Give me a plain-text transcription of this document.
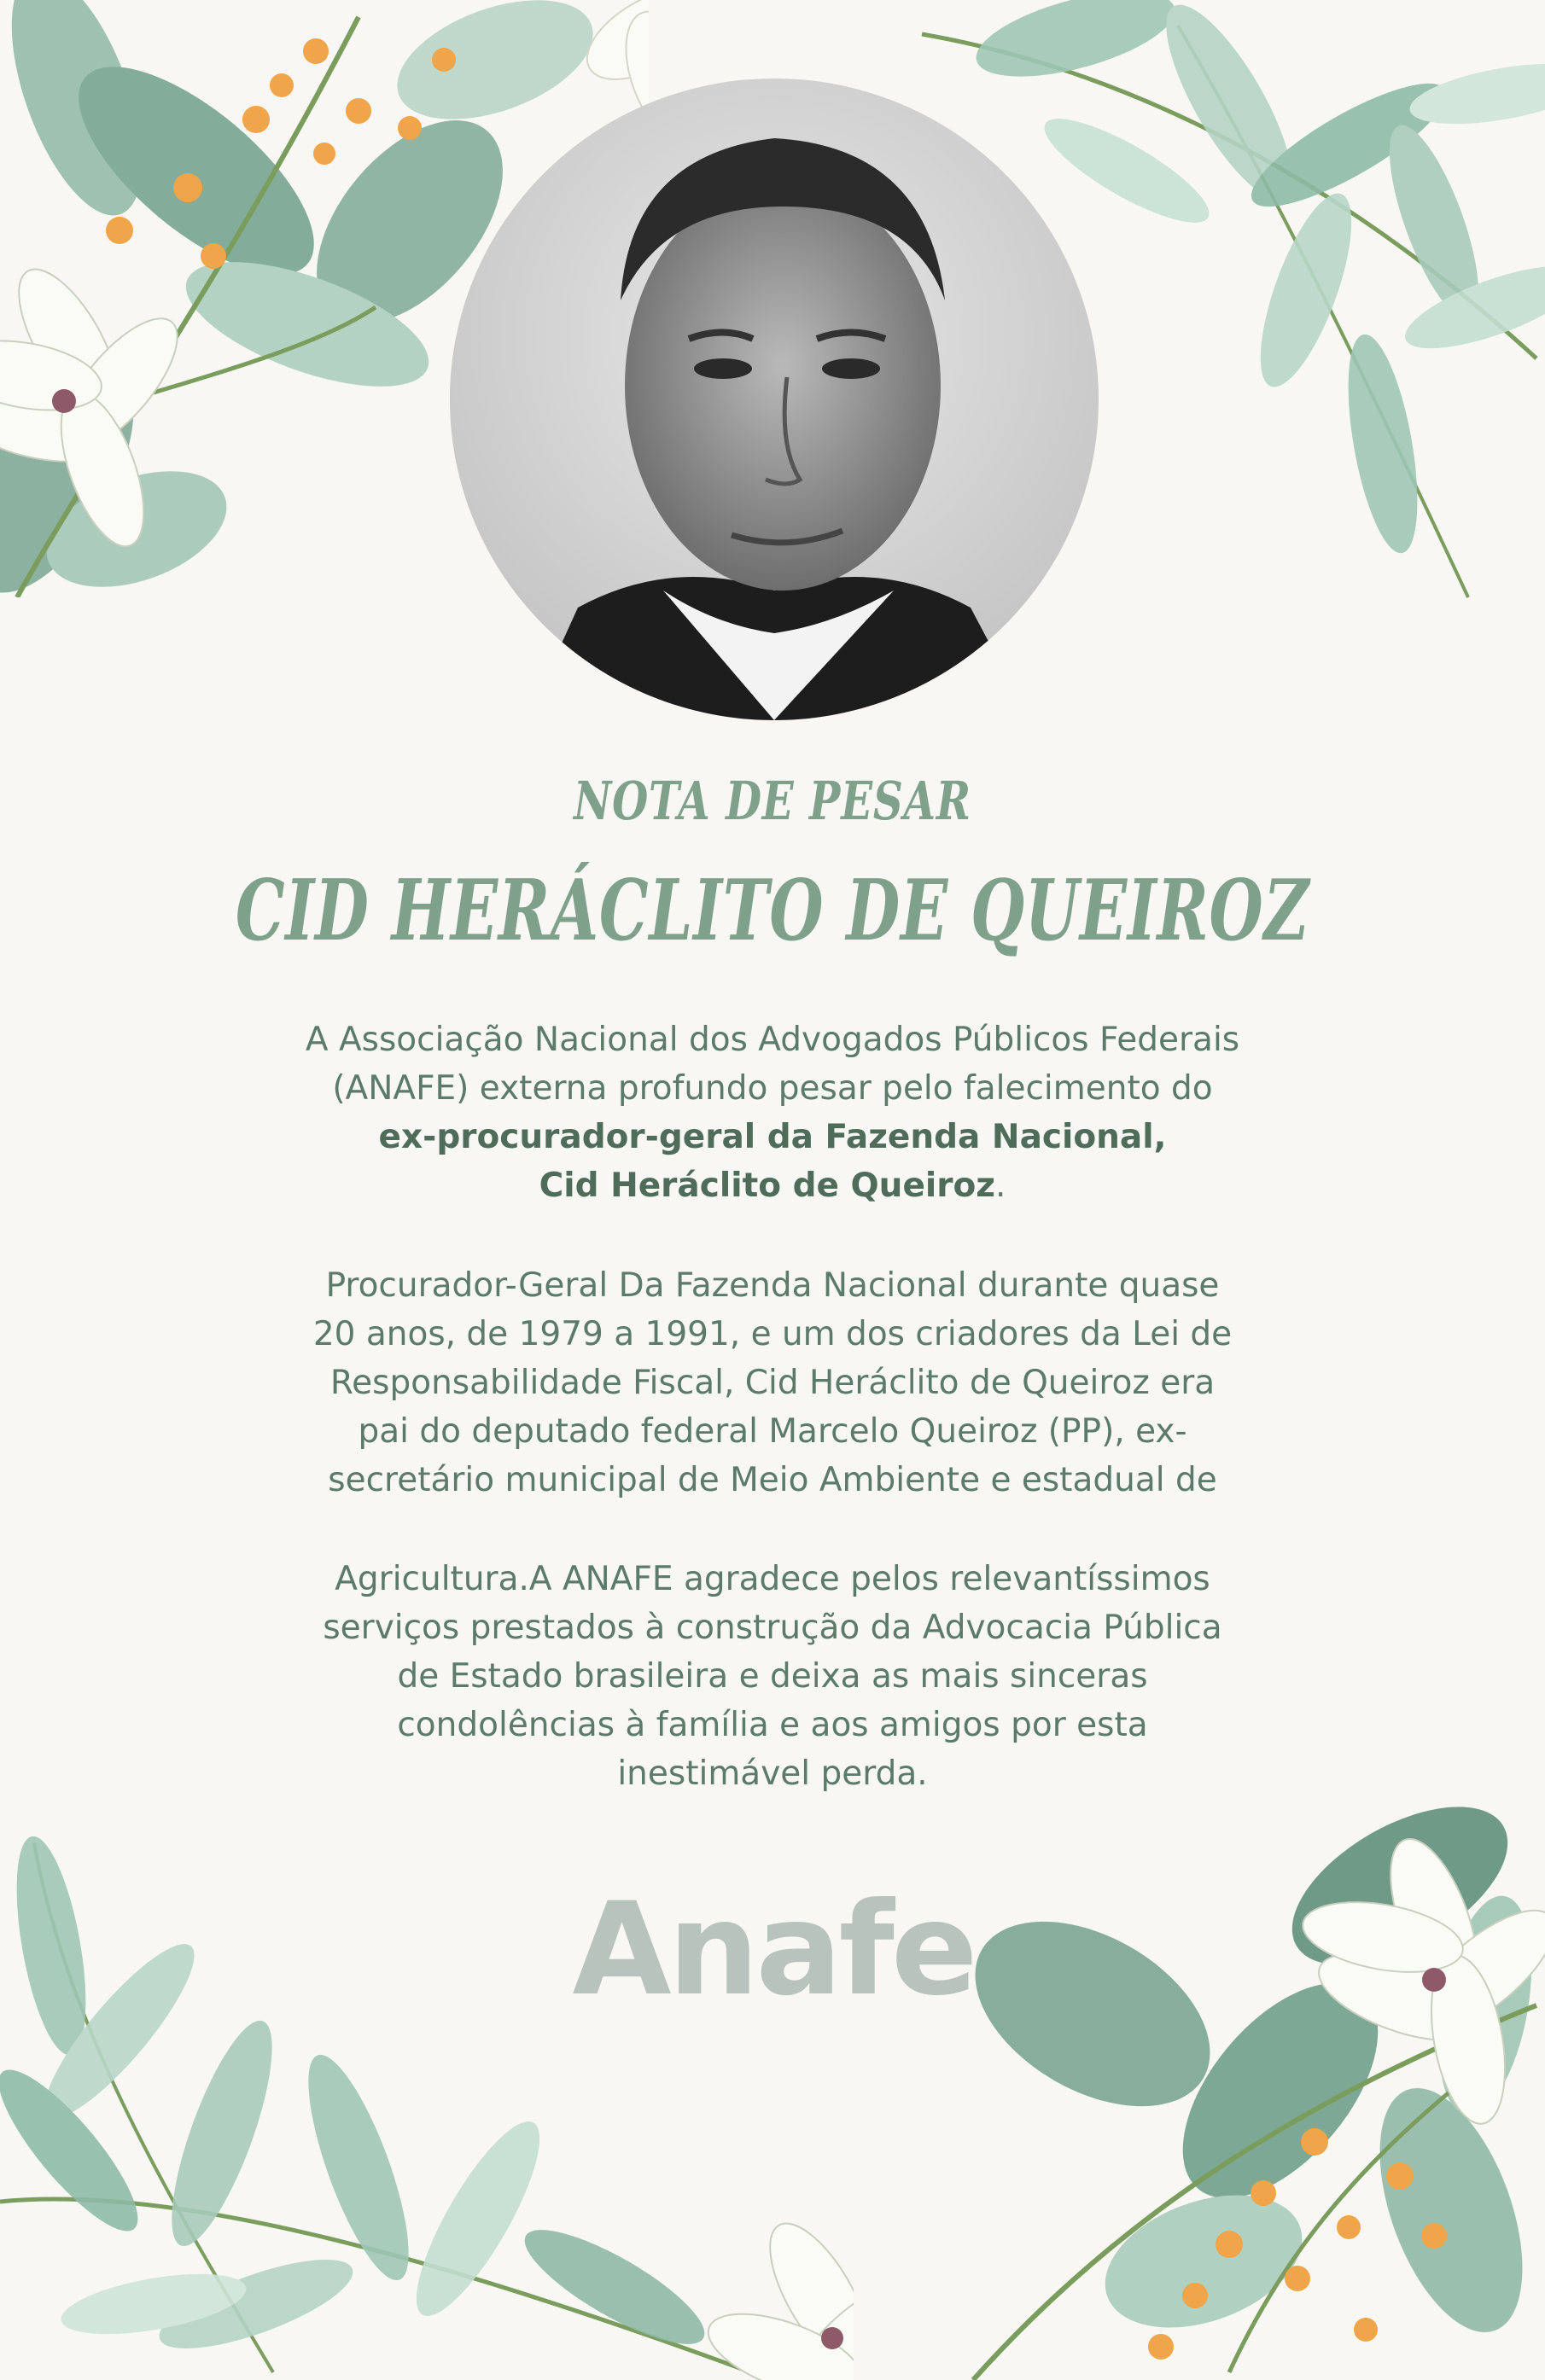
NOTA DE PESAR
CID HERÁCLITO DE QUEIROZ

A Associação Nacional dos Advogados Públicos Federais
(ANAFE) externa profundo pesar pelo falecimento do
ex-procurador-geral da Fazenda Nacional,
Cid Heráclito de Queiroz.

Procurador-Geral Da Fazenda Nacional durante quase
20 anos, de 1979 a 1991, e um dos criadores da Lei de
Responsabilidade Fiscal, Cid Heráclito de Queiroz era
pai do deputado federal Marcelo Queiroz (PP), ex-
secretário municipal de Meio Ambiente e estadual de

Agricultura.A ANAFE agradece pelos relevantíssimos
serviços prestados à construção da Advocacia Pública
de Estado brasileira e deixa as mais sinceras
condolências à família e aos amigos por esta
inestimável perda.

Anafe
